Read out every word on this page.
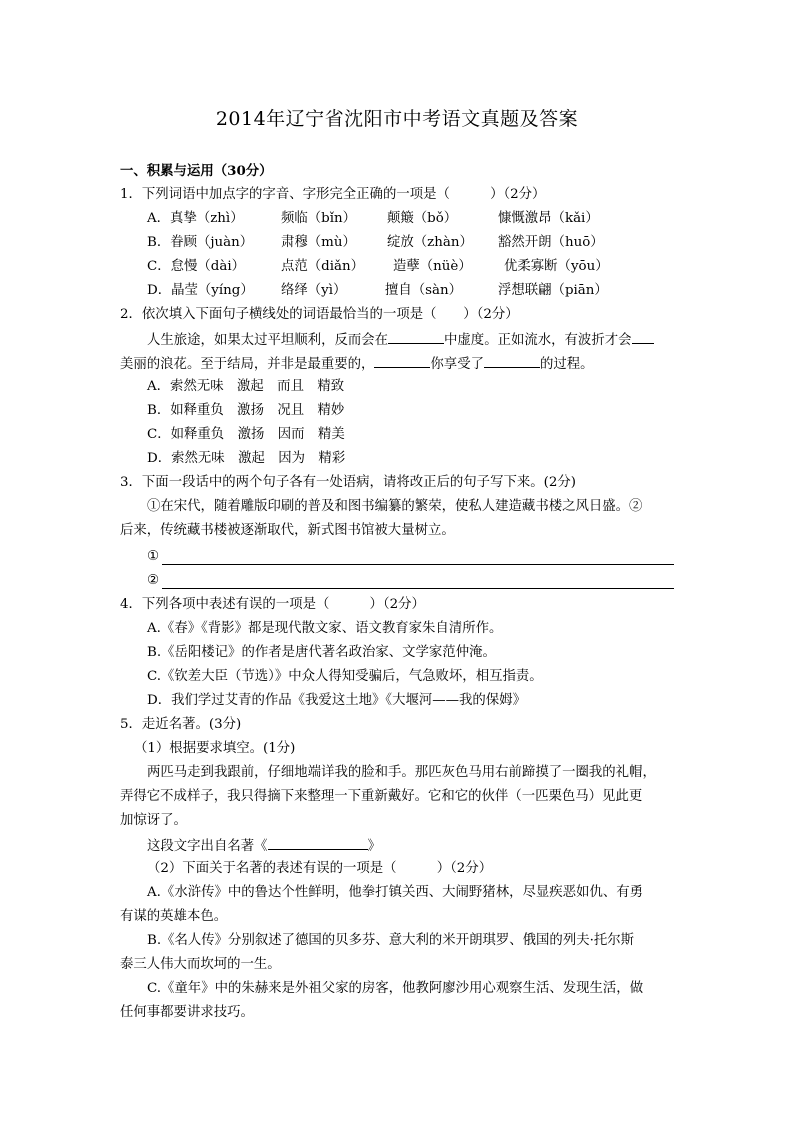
2014年辽宁省沈阳市中考语文真题及答案
一、积累与运用（30分）
1．下列词语中加点字的字音、字形完全正确的一项是（　　　）（2分）
A．真挚（zhì）	频临（bǐn） 颠簸（bǒ）	慷慨激昂（kǎi）
B．眷顾（juàn） 肃穆（mù） 绽放（zhàn） 豁然开朗（huō）
C．怠慢（dài）	点范（diǎn） 造孽（nüè） 优柔寡断（yōu）
D．晶莹（yíng） 络绎（yì）	擅自（sàn）	浮想联翩（piān）
2．依次填入下面句子横线处的词语最恰当的一项是（　　）（2分）
人生旅途，如果太过平坦顺利，反而会在	中虚度。正如流水，有波折才会
美丽的浪花。至于结局，并非是最重要的，	你享受了	的过程。
A．索然无味　激起　而且　精致
B．如释重负　激扬　况且　精妙
C．如释重负　激扬　因而　精美
D．索然无味　激起　因为　精彩
3．下面一段话中的两个句子各有一处语病，请将改正后的句子写下来。(2分)
①在宋代，随着雕版印刷的普及和图书编纂的繁荣，使私人建造藏书楼之风日盛。②
后来，传统藏书楼被逐渐取代，新式图书馆被大量树立。
①
②
4．下列各项中表述有误的一项是（　　　）（2分）
A.《春》《背影》都是现代散文家、语文教育家朱自清所作。
B.《岳阳楼记》的作者是唐代著名政治家、文学家范仲淹。
C.《钦差大臣（节选）》中众人得知受骗后，气急败坏，相互指责。
D．我们学过艾青的作品《我爱这土地》《大堰河——我的保姆》
5．走近名著。(3分)
（1）根据要求填空。(1分)
两匹马走到我跟前，仔细地端详我的脸和手。那匹灰色马用右前蹄摸了一圈我的礼帽，
弄得它不成样子，我只得摘下来整理一下重新戴好。它和它的伙伴（一匹栗色马）见此更
加惊讶了。
这段文字出自名著《	》
（2）下面关于名著的表述有误的一项是（　　　）（2分）
A.《水浒传》中的鲁达个性鲜明，他拳打镇关西、大闹野猪林，尽显疾恶如仇、有勇
有谋的英雄本色。
B.《名人传》分别叙述了德国的贝多芬、意大利的米开朗琪罗、俄国的列夫·托尔斯
泰三人伟大而坎坷的一生。
C.《童年》中的朱赫来是外祖父家的房客，他教阿廖沙用心观察生活、发现生活，做
任何事都要讲求技巧。
